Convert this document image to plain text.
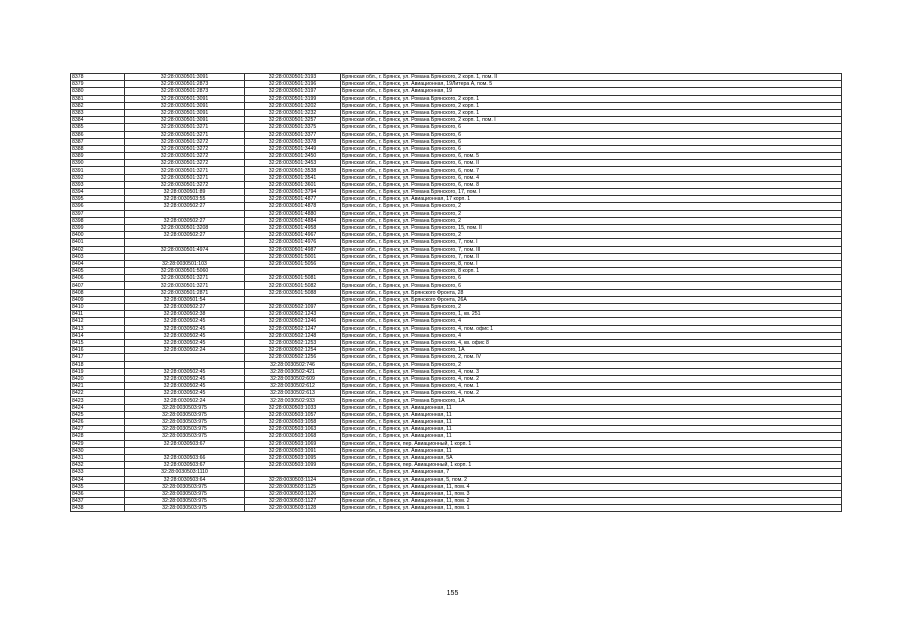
8378	32:28:0030501:3091	32:28:0030501:3193	Брянская обл., г. Брянск, ул. Романа Брянского, 2 корп. 1, пом. II
8379	32:28:0030501:2873	32:28:0030501:3196	Брянская обл., г. Брянск, ул. Авиационная, 19Литера А, пом. 5
8380	32:28:0030501:2873	32:28:0030501:3197	Брянская обл., г. Брянск, ул. Авиационная, 19
8381	32:28:0030501:3091	32:28:0030501:3199	Брянская обл., г. Брянск, ул. Романа Брянского, 2 корп. 1
8382	32:28:0030501:3091	32:28:0030501:3202	Брянская обл., г. Брянск, ул. Романа Брянского, 2 корп. 1
8383	32:28:0030501:3091	32:28:0030501:3232	Брянская обл., г. Брянск, ул. Романа Брянского, 2 корп. 1
8384	32:28:0030501:3091	32:28:0030501:3257	Брянская обл., г. Брянск, ул. Романа Брянского, 2 корп. 1, пом. I
8385	32:28:0030501:3271	32:28:0030501:3375	Брянская обл., г. Брянск, ул. Романа Брянского, 6
8386	32:28:0030501:3271	32:28:0030501:3377	Брянская обл., г. Брянск, ул. Романа Брянского, 6
8387	32:28:0030501:3272	32:28:0030501:3378	Брянская обл., г. Брянск, ул. Романа Брянского, 6
8388	32:28:0030501:3272	32:28:0030501:3449	Брянская обл., г. Брянск, ул. Романа Брянского, 6
8389	32:28:0030501:3272	32:28:0030501:3450	Брянская обл., г. Брянск, ул. Романа Брянского, 6, пом. 5
8390	32:28:0030501:3272	32:28:0030501:3453	Брянская обл., г. Брянск, ул. Романа Брянского, 6, пом. II
8391	32:28:0030501:3271	32:28:0030501:3538	Брянская обл., г. Брянск, ул. Романа Брянского, 6, пом. 7
8392	32:28:0030501:3271	32:28:0030501:3541	Брянская обл., г. Брянск, ул. Романа Брянского, 6, пом. 4
8393	32:28:0030501:3272	32:28:0030501:3601	Брянская обл., г. Брянск, ул. Романа Брянского, 6, пом. 8
8394	32:28:0030501:89	32:28:0030501:3794	Брянская обл., г. Брянск, ул. Романа Брянского, 17, пом. I
8395	32:28:0030503:55	32:28:0030501:4877	Брянская обл., г. Брянск, ул. Авиационная, 17 корп. 1
8396	32:28:0030502:27	32:28:0030501:4878	Брянская обл., г. Брянск, ул. Романа Брянского, 2
8397		32:28:0030501:4880	Брянская обл., г. Брянск, ул. Романа Брянского, 2
8398	32:28:0030502:27	32:28:0030501:4884	Брянская обл., г. Брянск, ул. Романа Брянского, 2
8399	32:28:0030501:3208	32:28:0030501:4958	Брянская обл., г. Брянск, ул. Романа Брянского, 15, пом. II
8400	32:28:0030502:27	32:28:0030501:4967	Брянская обл., г. Брянск, ул. Романа Брянского, 2
8401		32:28:0030501:4976	Брянская обл., г. Брянск, ул. Романа Брянского, 7, пом. I
8402	32:28:0030501:4974	32:28:0030501:4987	Брянская обл., г. Брянск, ул. Романа Брянского, 7, пом. III
8403		32:28:0030501:5001	Брянская обл., г. Брянск, ул. Романа Брянского, 7, пом. II
8404	32:28:0030501:103	32:28:0030501:5056	Брянская обл., г. Брянск, ул. Романа Брянского, 8, пом. I
8405	32:28:0030501:5060		Брянская обл., г. Брянск, ул. Романа Брянского, 8 корп. 1
8406	32:28:0030501:3271	32:28:0030501:5081	Брянская обл., г. Брянск, ул. Романа Брянского, 6
8407	32:28:0030501:3271	32:28:0030501:5082	Брянская обл., г. Брянск, ул. Романа Брянского, 6
8408	32:28:0030501:2871	32:28:0030501:5088	Брянская обл., г. Брянск, ул. Брянского Фронта, 28
8409	32:28:0030501:54		Брянская обл., г. Брянск, ул. Брянского Фронта, 26А
8410	32:28:0030502:27	32:28:0030502:1097	Брянская обл., г. Брянск, ул. Романа Брянского, 2
8411	32:28:0030502:38	32:28:0030502:1243	Брянская обл., г. Брянск, ул. Романа Брянского, 1, кв. 251
8412	32:28:0030502:45	32:28:0030502:1246	Брянская обл., г. Брянск, ул. Романа Брянского, 4
8413	32:28:0030502:45	32:28:0030502:1247	Брянская обл., г. Брянск, ул. Романа Брянского, 4, пом. офис 1
8414	32:28:0030502:45	32:28:0030502:1248	Брянская обл., г. Брянск, ул. Романа Брянского, 4
8415	32:28:0030502:45	32:28:0030502:1253	Брянская обл., г. Брянск, ул. Романа Брянского, 4, кв. офис 8
8416	32:28:0030502:24	32:28:0030502:1254	Брянская обл., г. Брянск, ул. Романа Брянского, 1А
8417		32:28:0030502:1256	Брянская обл., г. Брянск, ул. Романа Брянского, 2, пом. IV
8418		32:28:0030502:746	Брянская обл., г. Брянск, ул. Романа Брянского, 2
8419	32:28:0030502:45	32:28:0030502:421	Брянская обл., г. Брянск, ул. Романа Брянского, 4, пом. 3
8420	32:28:0030502:45	32:28:0030502:609	Брянская обл., г. Брянск, ул. Романа Брянского, 4, пом. 2
8421	32:28:0030502:45	32:28:0030502:612	Брянская обл., г. Брянск, ул. Романа Брянского, 4, пом. 1
8422	32:28:0030502:45	32:28:0030502:613	Брянская обл., г. Брянск, ул. Романа Брянского, 4, пом. 2
8423	32:28:0030502:24	32:28:0030502:933	Брянская обл., г. Брянск, ул. Романа Брянского, 1А
8424	32:28:0030503:975	32:28:0030503:1033	Брянская обл., г. Брянск, ул. Авиационная, 11
8425	32:28:0030503:975	32:28:0030503:1057	Брянская обл., г. Брянск, ул. Авиационная, 11
8426	32:28:0030503:975	32:28:0030503:1058	Брянская обл., г. Брянск, ул. Авиационная, 11
8427	32:28:0030503:975	32:28:0030503:1063	Брянская обл., г. Брянск, ул. Авиационная, 11
8428	32:28:0030503:975	32:28:0030503:1068	Брянская обл., г. Брянск, ул. Авиационная, 11
8429	32:28:0030503:67	32:28:0030503:1069	Брянская обл., г. Брянск, пер. Авиационный, 1 корп. 1
8430		32:28:0030503:1091	Брянская обл., г. Брянск, ул. Авиационная, 11
8431	32:28:0030503:66	32:28:0030503:1095	Брянская обл., г. Брянск, ул. Авиационная, 5А
8432	32:28:0030503:67	32:28:0030503:1099	Брянская обл., г. Брянск, пер. Авиационный, 1 корп. 1
8433	32:28:0030503:1110		Брянская обл., г. Брянск, ул. Авиационная, 7
8434	32:28:0030503:64	32:28:0030503:1124	Брянская обл., г. Брянск, ул. Авиационная, 5, пом. 2
8435	32:28:0030503:975	32:28:0030503:1125	Брянская обл., г. Брянск, ул. Авиационная, 11, пом. 4
8436	32:28:0030503:975	32:28:0030503:1126	Брянская обл., г. Брянск, ул. Авиационная, 11, пом. 3
8437	32:28:0030503:975	32:28:0030503:1127	Брянская обл., г. Брянск, ул. Авиационная, 11, пом. 2
8438	32:28:0030503:975	32:28:0030503:1128	Брянская обл., г. Брянск, ул. Авиационная, 11, пом. 1
155
